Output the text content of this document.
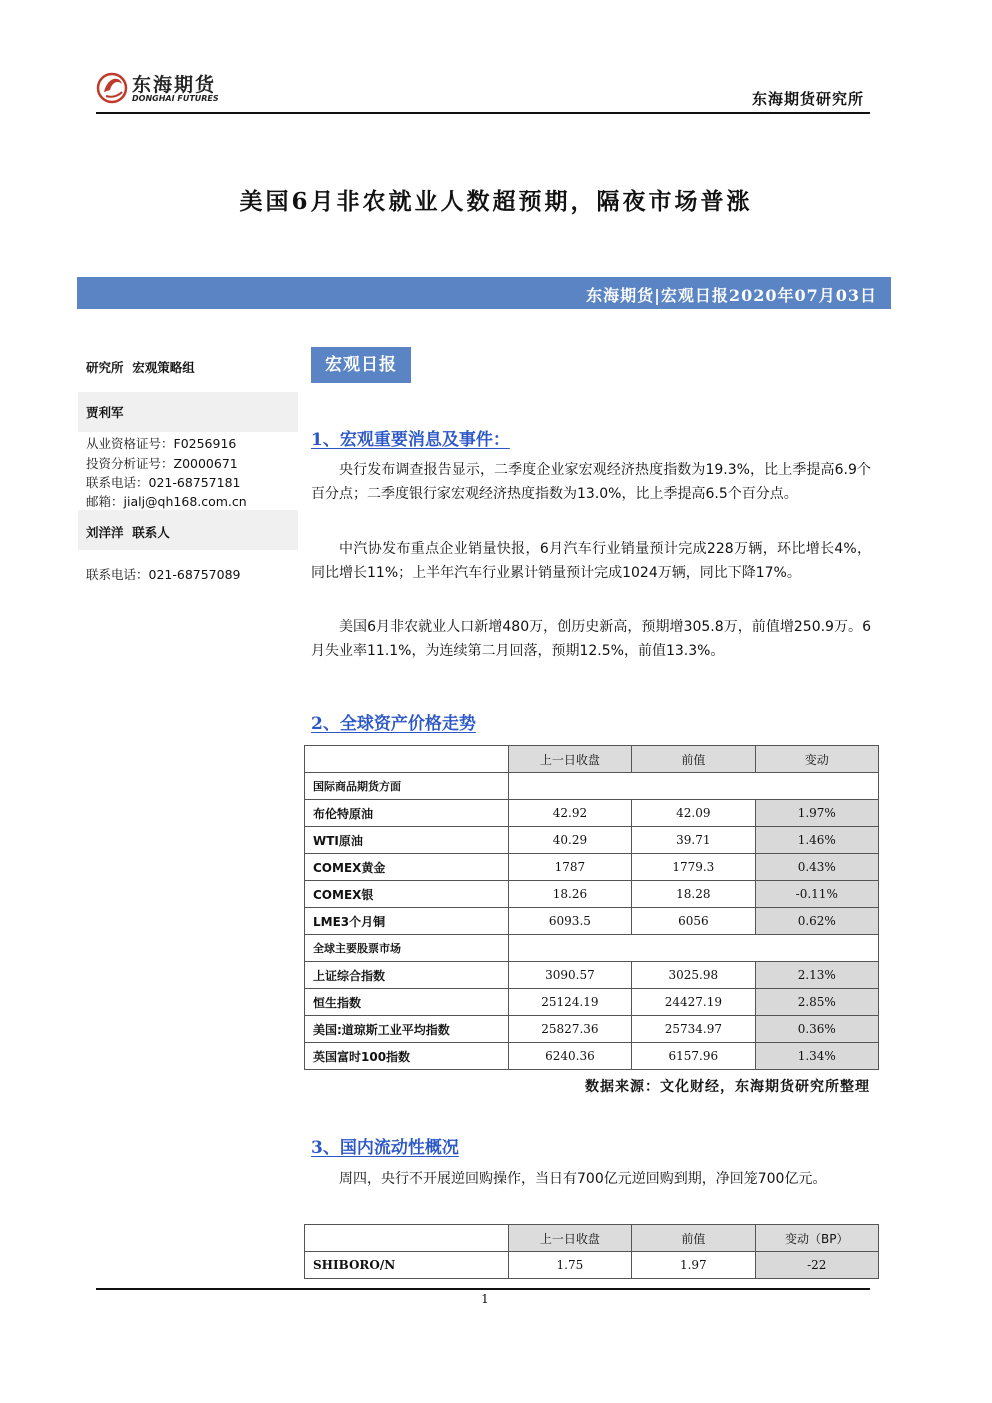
东海期货
DONGHAI FUTURES	东海期货研究所
美国6月非农就业人数超预期，隔夜市场普涨
东海期货|宏观日报2020年07月03日
研究所  宏观策略组
贾利军
从业资格证号：F0256916
投资分析证号：Z0000671
联系电话：021-68757181
邮箱：jialj@qh168.com.cn
刘洋洋  联系人
联系电话：021-68757089
宏观日报
1、宏观重要消息及事件：
央行发布调查报告显示，二季度企业家宏观经济热度指数为19.3%，比上季提高6.9个百分点；二季度银行家宏观经济热度指数为13.0%，比上季提高6.5个百分点。
中汽协发布重点企业销量快报，6月汽车行业销量预计完成228万辆，环比增长4%，同比增长11%；上半年汽车行业累计销量预计完成1024万辆，同比下降17%。
美国6月非农就业人口新增480万，创历史新高，预期增305.8万，前值增250.9万。6月失业率11.1%，为连续第二月回落，预期12.5%，前值13.3%。
2、全球资产价格走势
	上一日收盘	前值	变动
国际商品期货方面			
布伦特原油	42.92	42.09	1.97%
WTI原油	40.29	39.71	1.46%
COMEX黄金	1787	1779.3	0.43%
COMEX银	18.26	18.28	-0.11%
LME3个月铜	6093.5	6056	0.62%
全球主要股票市场			
上证综合指数	3090.57	3025.98	2.13%
恒生指数	25124.19	24427.19	2.85%
美国:道琼斯工业平均指数	25827.36	25734.97	0.36%
英国富时100指数	6240.36	6157.96	1.34%
数据来源：文化财经，东海期货研究所整理
3、国内流动性概况
周四，央行不开展逆回购操作，当日有700亿元逆回购到期，净回笼700亿元。
	上一日收盘	前值	变动（BP）
SHIBORO/N	1.75	1.97	-22
1
